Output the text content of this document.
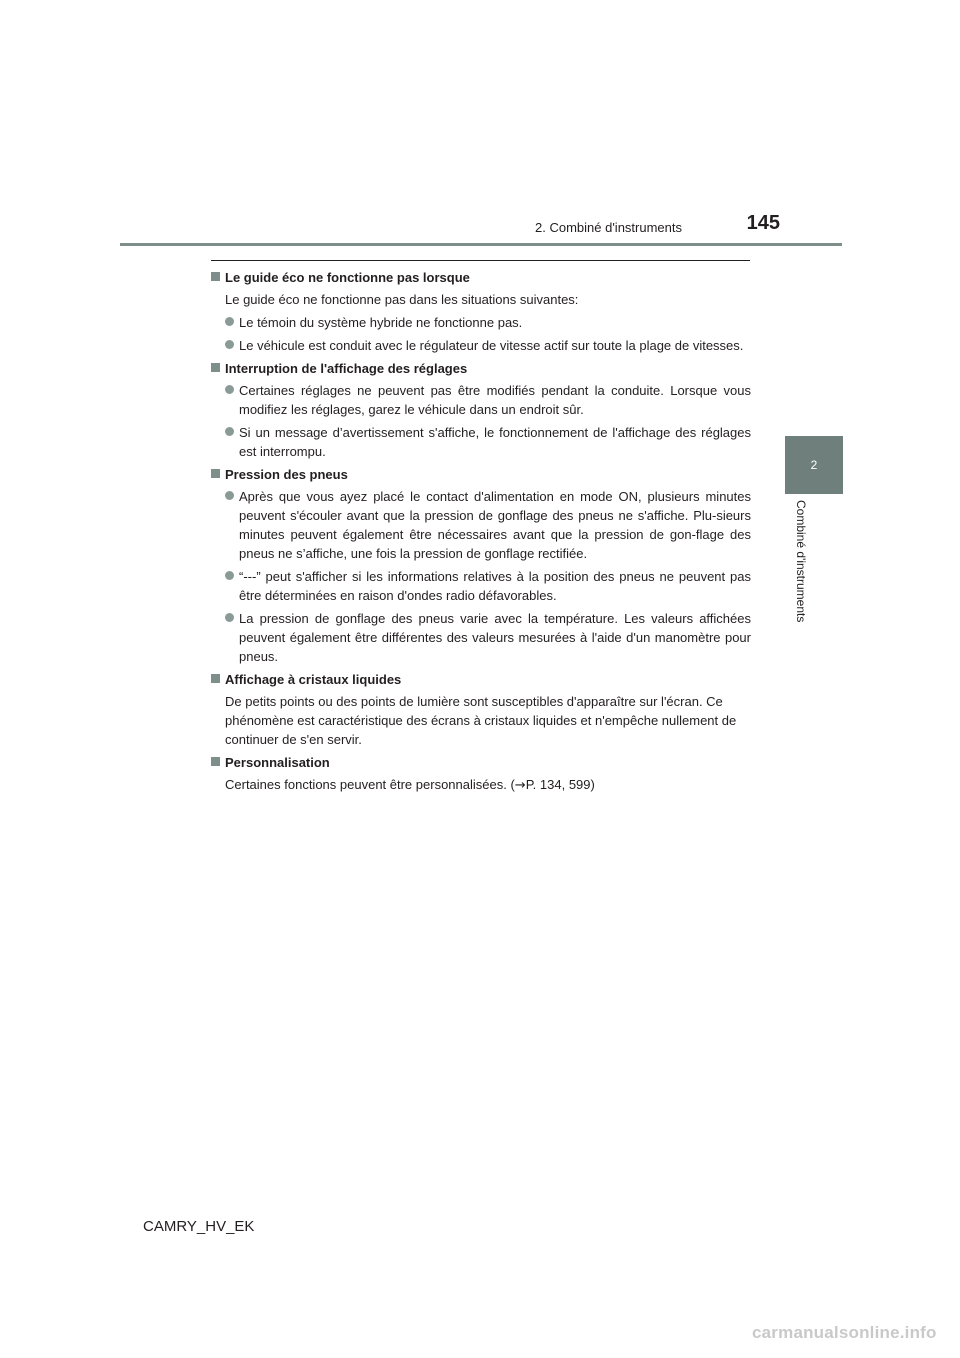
2. Combiné d'instruments	145
2
Combiné d'instruments
Le guide éco ne fonctionne pas lorsque
Le guide éco ne fonctionne pas dans les situations suivantes:
Le témoin du système hybride ne fonctionne pas.
Le véhicule est conduit avec le régulateur de vitesse actif sur toute la plage de vitesses.
Interruption de l'affichage des réglages
Certaines réglages ne peuvent pas être modifiés pendant la conduite. Lorsque vous modifiez les réglages, garez le véhicule dans un endroit sûr.
Si un message d’avertissement s'affiche, le fonctionnement de l'affichage des réglages est interrompu.
Pression des pneus
Après que vous ayez placé le contact d'alimentation en mode ON, plusieurs minutes peuvent s'écouler avant que la pression de gonflage des pneus ne s'affiche. Plu-sieurs minutes peuvent également être nécessaires avant que la pression de gon-flage des pneus ne s’affiche, une fois la pression de gonflage rectifiée.
“---” peut s'afficher si les informations relatives à la position des pneus ne peuvent pas être déterminées en raison d'ondes radio défavorables.
La pression de gonflage des pneus varie avec la température. Les valeurs affichées peuvent également être différentes des valeurs mesurées à l'aide d'un manomètre pour pneus.
Affichage à cristaux liquides
De petits points ou des points de lumière sont susceptibles d'apparaître sur l'écran. Ce phénomène est caractéristique des écrans à cristaux liquides et n'empêche nullement de continuer de s'en servir.
Personnalisation
Certaines fonctions peuvent être personnalisées. (→P. 134, 599)
CAMRY_HV_EK
carmanualsonline.info
